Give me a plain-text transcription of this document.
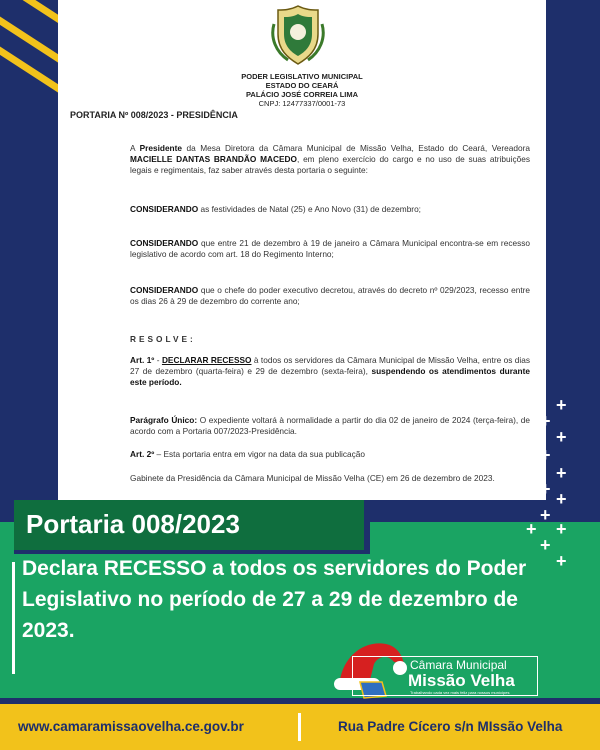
PODER LEGISLATIVO MUNICIPAL
ESTADO DO CEARÁ
PALÁCIO JOSÉ CORREIA LIMA
CNPJ: 12477337/0001-73
PORTARIA Nº 008/2023 - PRESIDÊNCIA
A Presidente da Mesa Diretora da Câmara Municipal de Missão Velha, Estado do Ceará, Vereadora MACIELLE DANTAS BRANDÃO MACEDO, em pleno exercício do cargo e no uso de suas atribuições legais e regimentais, faz saber através desta portaria o seguinte:
CONSIDERANDO as festividades de Natal (25) e Ano Novo (31) de dezembro;
CONSIDERANDO que entre 21 de dezembro à 19 de janeiro a Câmara Municipal encontra-se em recesso legislativo de acordo com art. 18 do Regimento Interno;
CONSIDERANDO que o chefe do poder executivo decretou, através do decreto nº 029/2023, recesso entre os dias 26 à 29 de dezembro do corrente ano;
RESOLVE:
Art. 1º - DECLARAR RECESSO à todos os servidores da Câmara Municipal de Missão Velha, entre os dias 27 de dezembro (quarta-feira) e 29 de dezembro (sexta-feira), suspendendo os atendimentos durante este período.
Parágrafo Único: O expediente voltará à normalidade a partir do dia 02 de janeiro de 2024 (terça-feira), de acordo com a Portaria 007/2023-Presidência.
Art. 2º – Esta portaria entra em vigor na data da sua publicação
Gabinete da Presidência da Câmara Municipal de Missão Velha (CE) em 26 de dezembro de 2023.
Portaria 008/2023
Declara RECESSO a todos os servidores do Poder Legislativo no período de 27 a 29 de dezembro de 2023.
+
+
+
+
+
+ +
+
+ +
+
+
Câmara Municipal
Missão Velha
Trabalhando cada vez mais feliz para nossos munícipes
www.camaramissaovelha.ce.gov.br	Rua Padre Cícero s/n MIssão Velha
